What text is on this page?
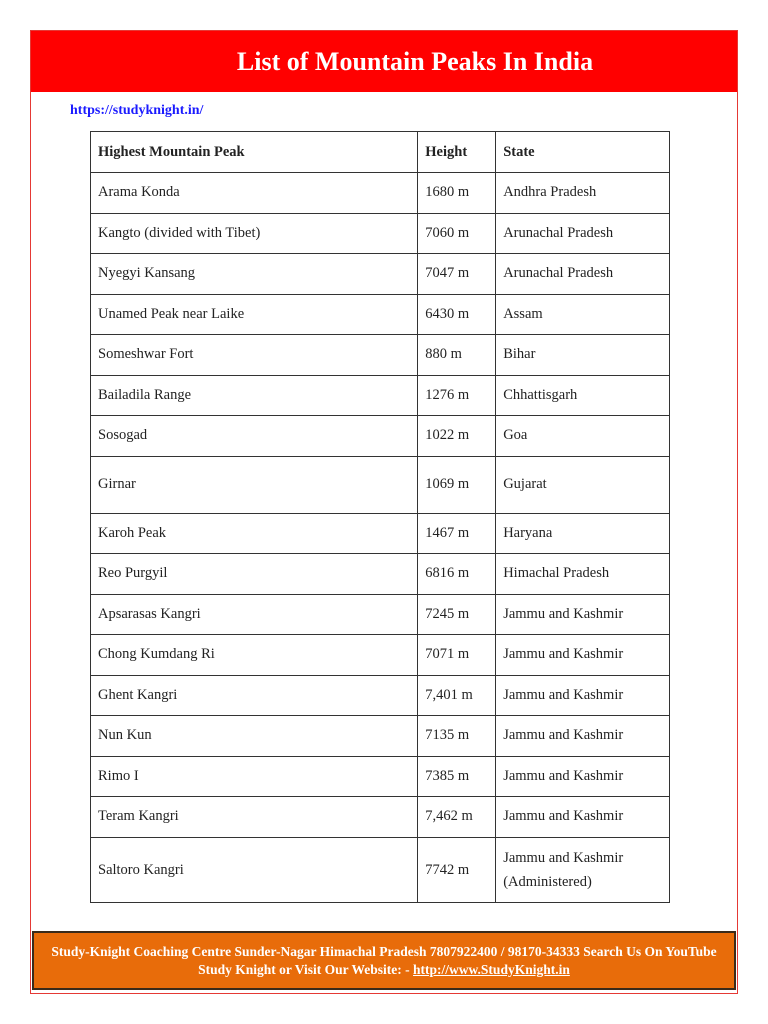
List of Mountain Peaks In India
https://studyknight.in/
Highest Mountain Peak	Height	State
Arama Konda	1680 m	Andhra Pradesh
Kangto (divided with Tibet)	7060 m	Arunachal Pradesh
Nyegyi Kansang	7047 m	Arunachal Pradesh
Unamed Peak near Laike	6430 m	Assam
Someshwar Fort	880 m	Bihar
Bailadila Range	1276 m	Chhattisgarh
Sosogad	1022 m	Goa
Girnar	1069 m	Gujarat
Karoh Peak	1467 m	Haryana
Reo Purgyil	6816 m	Himachal Pradesh
Apsarasas Kangri	7245 m	Jammu and Kashmir
Chong Kumdang Ri	7071 m	Jammu and Kashmir
Ghent Kangri	7,401 m	Jammu and Kashmir
Nun Kun	7135 m	Jammu and Kashmir
Rimo I	7385 m	Jammu and Kashmir
Teram Kangri	7,462 m	Jammu and Kashmir
Saltoro Kangri	7742 m	Jammu and Kashmir (Administered)
Study-Knight Coaching Centre Sunder-Nagar Himachal Pradesh 7807922400 / 98170-34333 Search Us On YouTube
Study Knight or Visit Our Website: - http://www.StudyKnight.in
